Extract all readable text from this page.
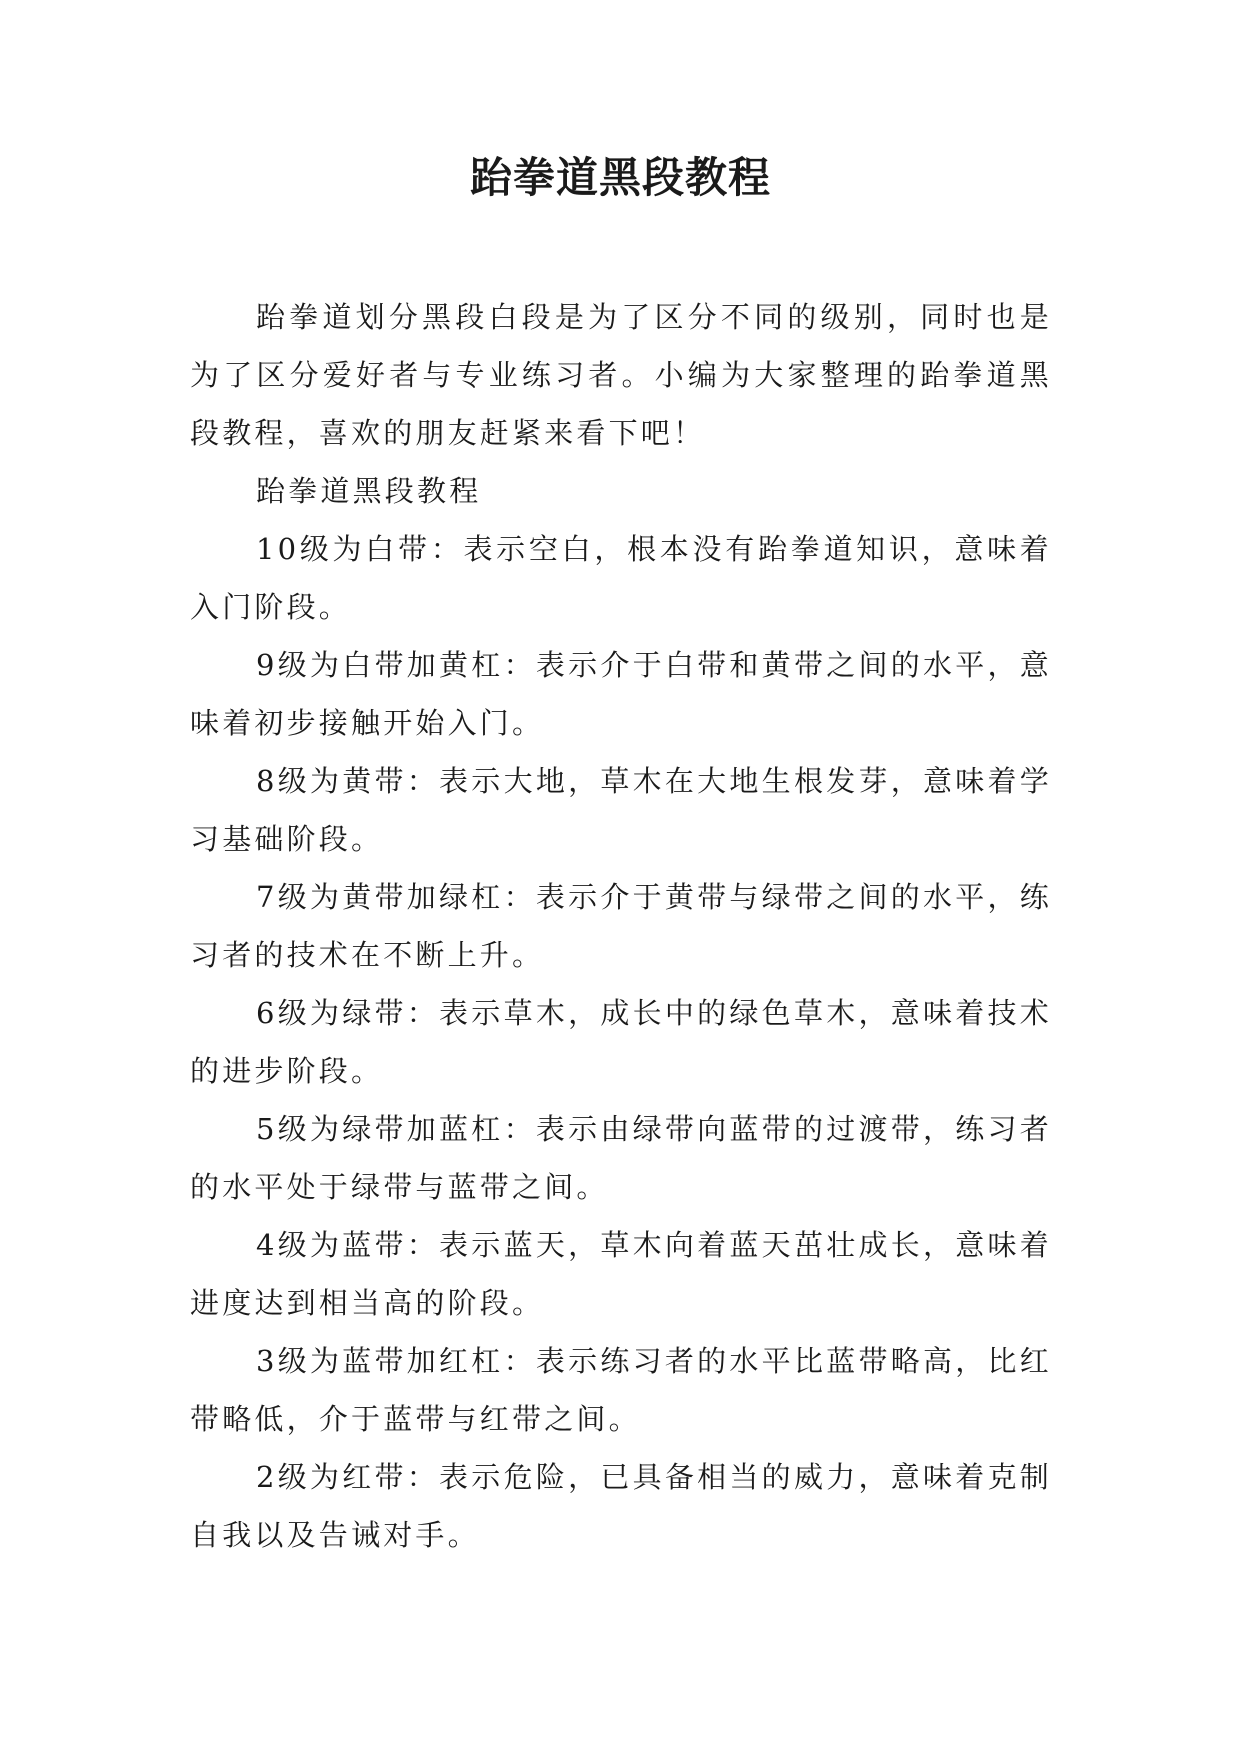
跆拳道黑段教程

跆拳道划分黑段白段是为了区分不同的级别，同时也是为了区分爱好者与专业练习者。小编为大家整理的跆拳道黑段教程，喜欢的朋友赶紧来看下吧！

跆拳道黑段教程

10级为白带：表示空白，根本没有跆拳道知识，意味着入门阶段。

9级为白带加黄杠：表示介于白带和黄带之间的水平，意味着初步接触开始入门。

8级为黄带：表示大地，草木在大地生根发芽，意味着学习基础阶段。

7级为黄带加绿杠：表示介于黄带与绿带之间的水平，练习者的技术在不断上升。

6级为绿带：表示草木，成长中的绿色草木，意味着技术的进步阶段。

5级为绿带加蓝杠：表示由绿带向蓝带的过渡带，练习者的水平处于绿带与蓝带之间。

4级为蓝带：表示蓝天，草木向着蓝天茁壮成长，意味着进度达到相当高的阶段。

3级为蓝带加红杠：表示练习者的水平比蓝带略高，比红带略低，介于蓝带与红带之间。

2级为红带：表示危险，已具备相当的威力，意味着克制自我以及告诫对手。
